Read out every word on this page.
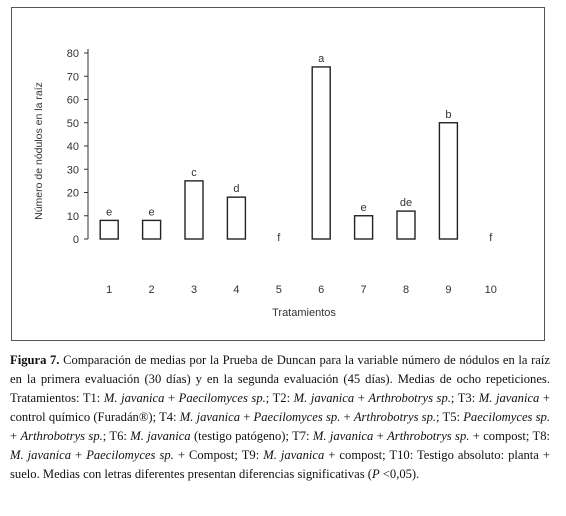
0
10
20
30
40
50
60
70
80
1	2	3	4	5	6	7	8	9	10
e	e
c
d
f
a
e	de
b
f
Número de nódulos en la raíz
Tratamientos
Figura 7. Comparación de medias por la Prueba de Duncan para la variable número de nódulos en la raíz en la primera evaluación (30 días) y en la segunda evaluación (45 días). Medias de ocho repeticiones. Tratamientos: T1: M. javanica + Paecilomyces sp.; T2: M. javanica + Arthrobotrys sp.; T3: M. javanica + control químico (Furadán®); T4: M. javanica + Paecilomyces sp. + Arthrobotrys sp.; T5: Paecilomyces sp. + Arthrobotrys sp.; T6: M. javanica (testigo patógeno); T7: M. javanica + Arthrobotrys sp. + compost; T8: M. javanica + Paecilomyces sp. + Compost; T9: M. javanica + compost; T10: Testigo absoluto: planta + suelo. Medias con letras diferentes presentan diferencias significativas (P <0,05).
